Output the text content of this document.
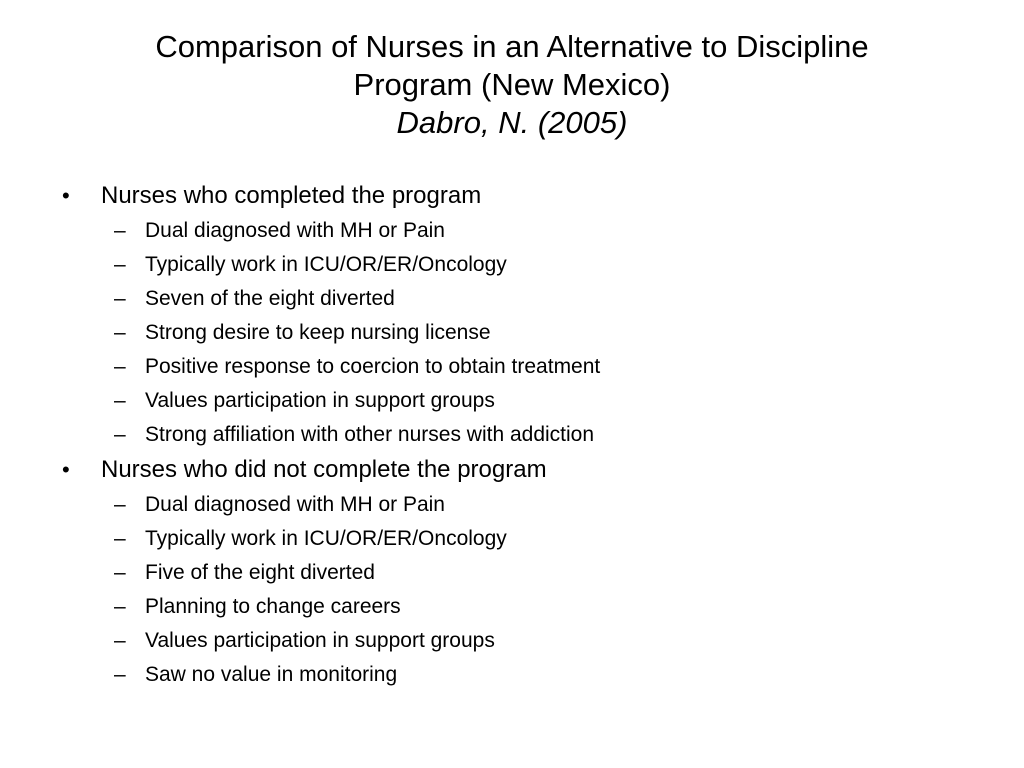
Comparison of Nurses in an Alternative to Discipline
Program (New Mexico)
Dabro, N. (2005)
• Nurses who completed the program
– Dual diagnosed with MH or Pain
– Typically work in ICU/OR/ER/Oncology
– Seven of the eight diverted
– Strong desire to keep nursing license
– Positive response to coercion to obtain treatment
– Values participation in support groups
– Strong affiliation with other nurses with addiction
• Nurses who did not complete the program
– Dual diagnosed with MH or Pain
– Typically work in ICU/OR/ER/Oncology
– Five of the eight diverted
– Planning to change careers
– Values participation in support groups
– Saw no value in monitoring
